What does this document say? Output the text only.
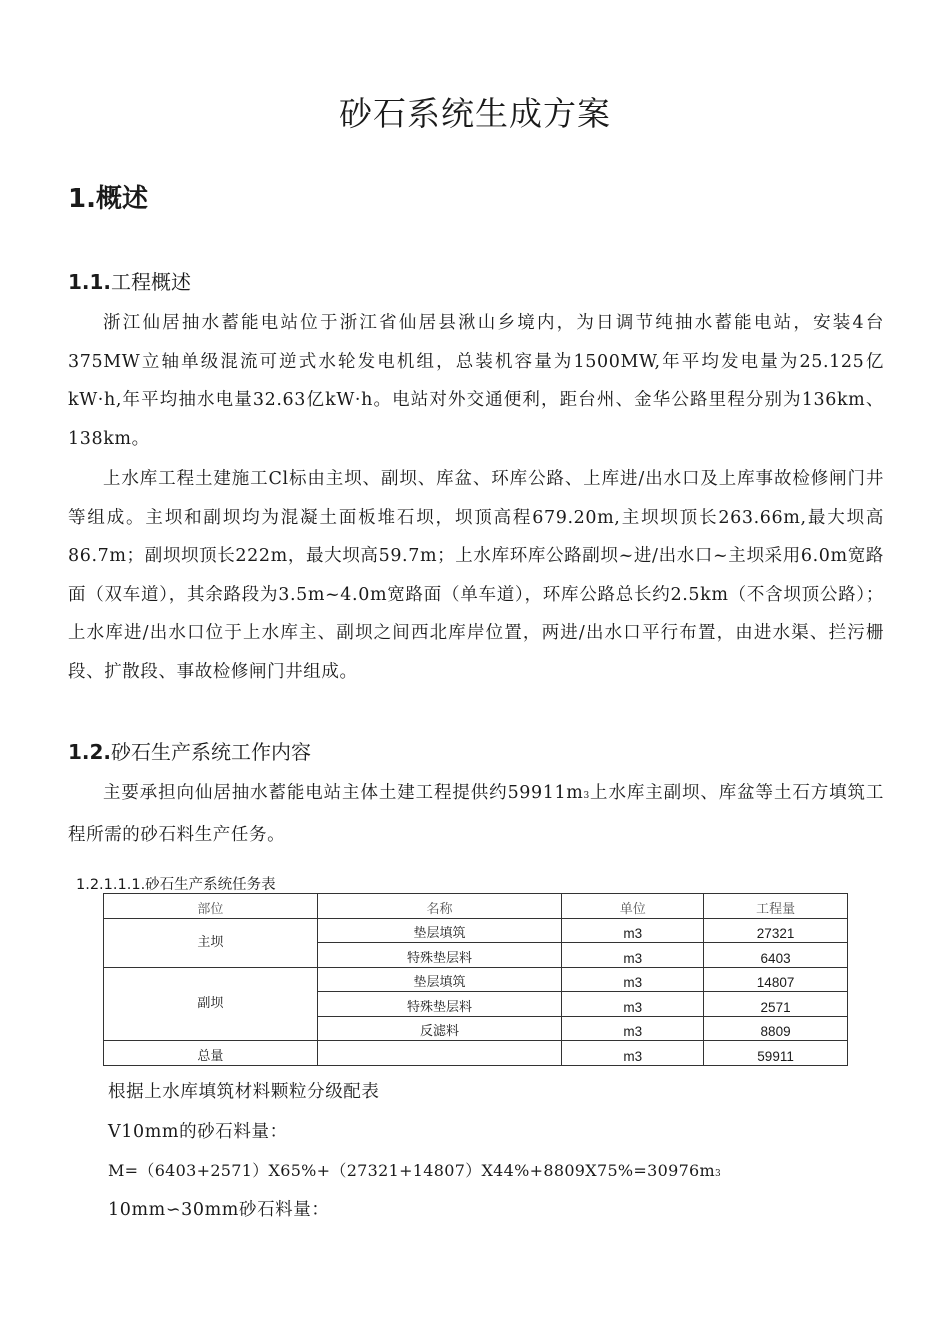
砂石系统生成方案
1.概述
1.1.工程概述

浙江仙居抽水蓄能电站位于浙江省仙居县湫山乡境内，为日调节纯抽水蓄能电站，安装4台375MW立轴单级混流可逆式水轮发电机组，总装机容量为1500MW,年平均发电量为25.125亿kW·h,年平均抽水电量32.63亿kW·h。电站对外交通便利，距台州、金华公路里程分别为136km、138km。

上水库工程土建施工Cl标由主坝、副坝、库盆、环库公路、上库进/出水口及上库事故检修闸门井等组成。主坝和副坝均为混凝土面板堆石坝，坝顶高程679.20m,主坝坝顶长263.66m,最大坝高86.7m；副坝坝顶长222m，最大坝高59.7m；上水库环库公路副坝~进/出水口~主坝采用6.0m宽路面（双车道），其余路段为3.5m~4.0m宽路面（单车道），环库公路总长约2.5km（不含坝顶公路）；上水库进/出水口位于上水库主、副坝之间西北库岸位置，两进/出水口平行布置，由进水渠、拦污栅段、扩散段、事故检修闸门井组成。

1.2.砂石生产系统工作内容

主要承担向仙居抽水蓄能电站主体土建工程提供约59911m3上水库主副坝、库盆等土石方填筑工程所需的砂石料生产任务。

1.2.1.1.1.砂石生产系统任务表

部位	名称	单位	工程量
主坝	垫层填筑	m3	27321
	特殊垫层料	m3	6403
副坝	垫层填筑	m3	14807
	特殊垫层料	m3	2571
	反滤料	m3	8809
总量		m3	59911

根据上水库填筑材料颗粒分级配表

V10mm的砂石料量：

M=（6403+2571）X65%+（27321+14807）X44%+8809X75%=30976m3

10mm∽30mm砂石料量：
